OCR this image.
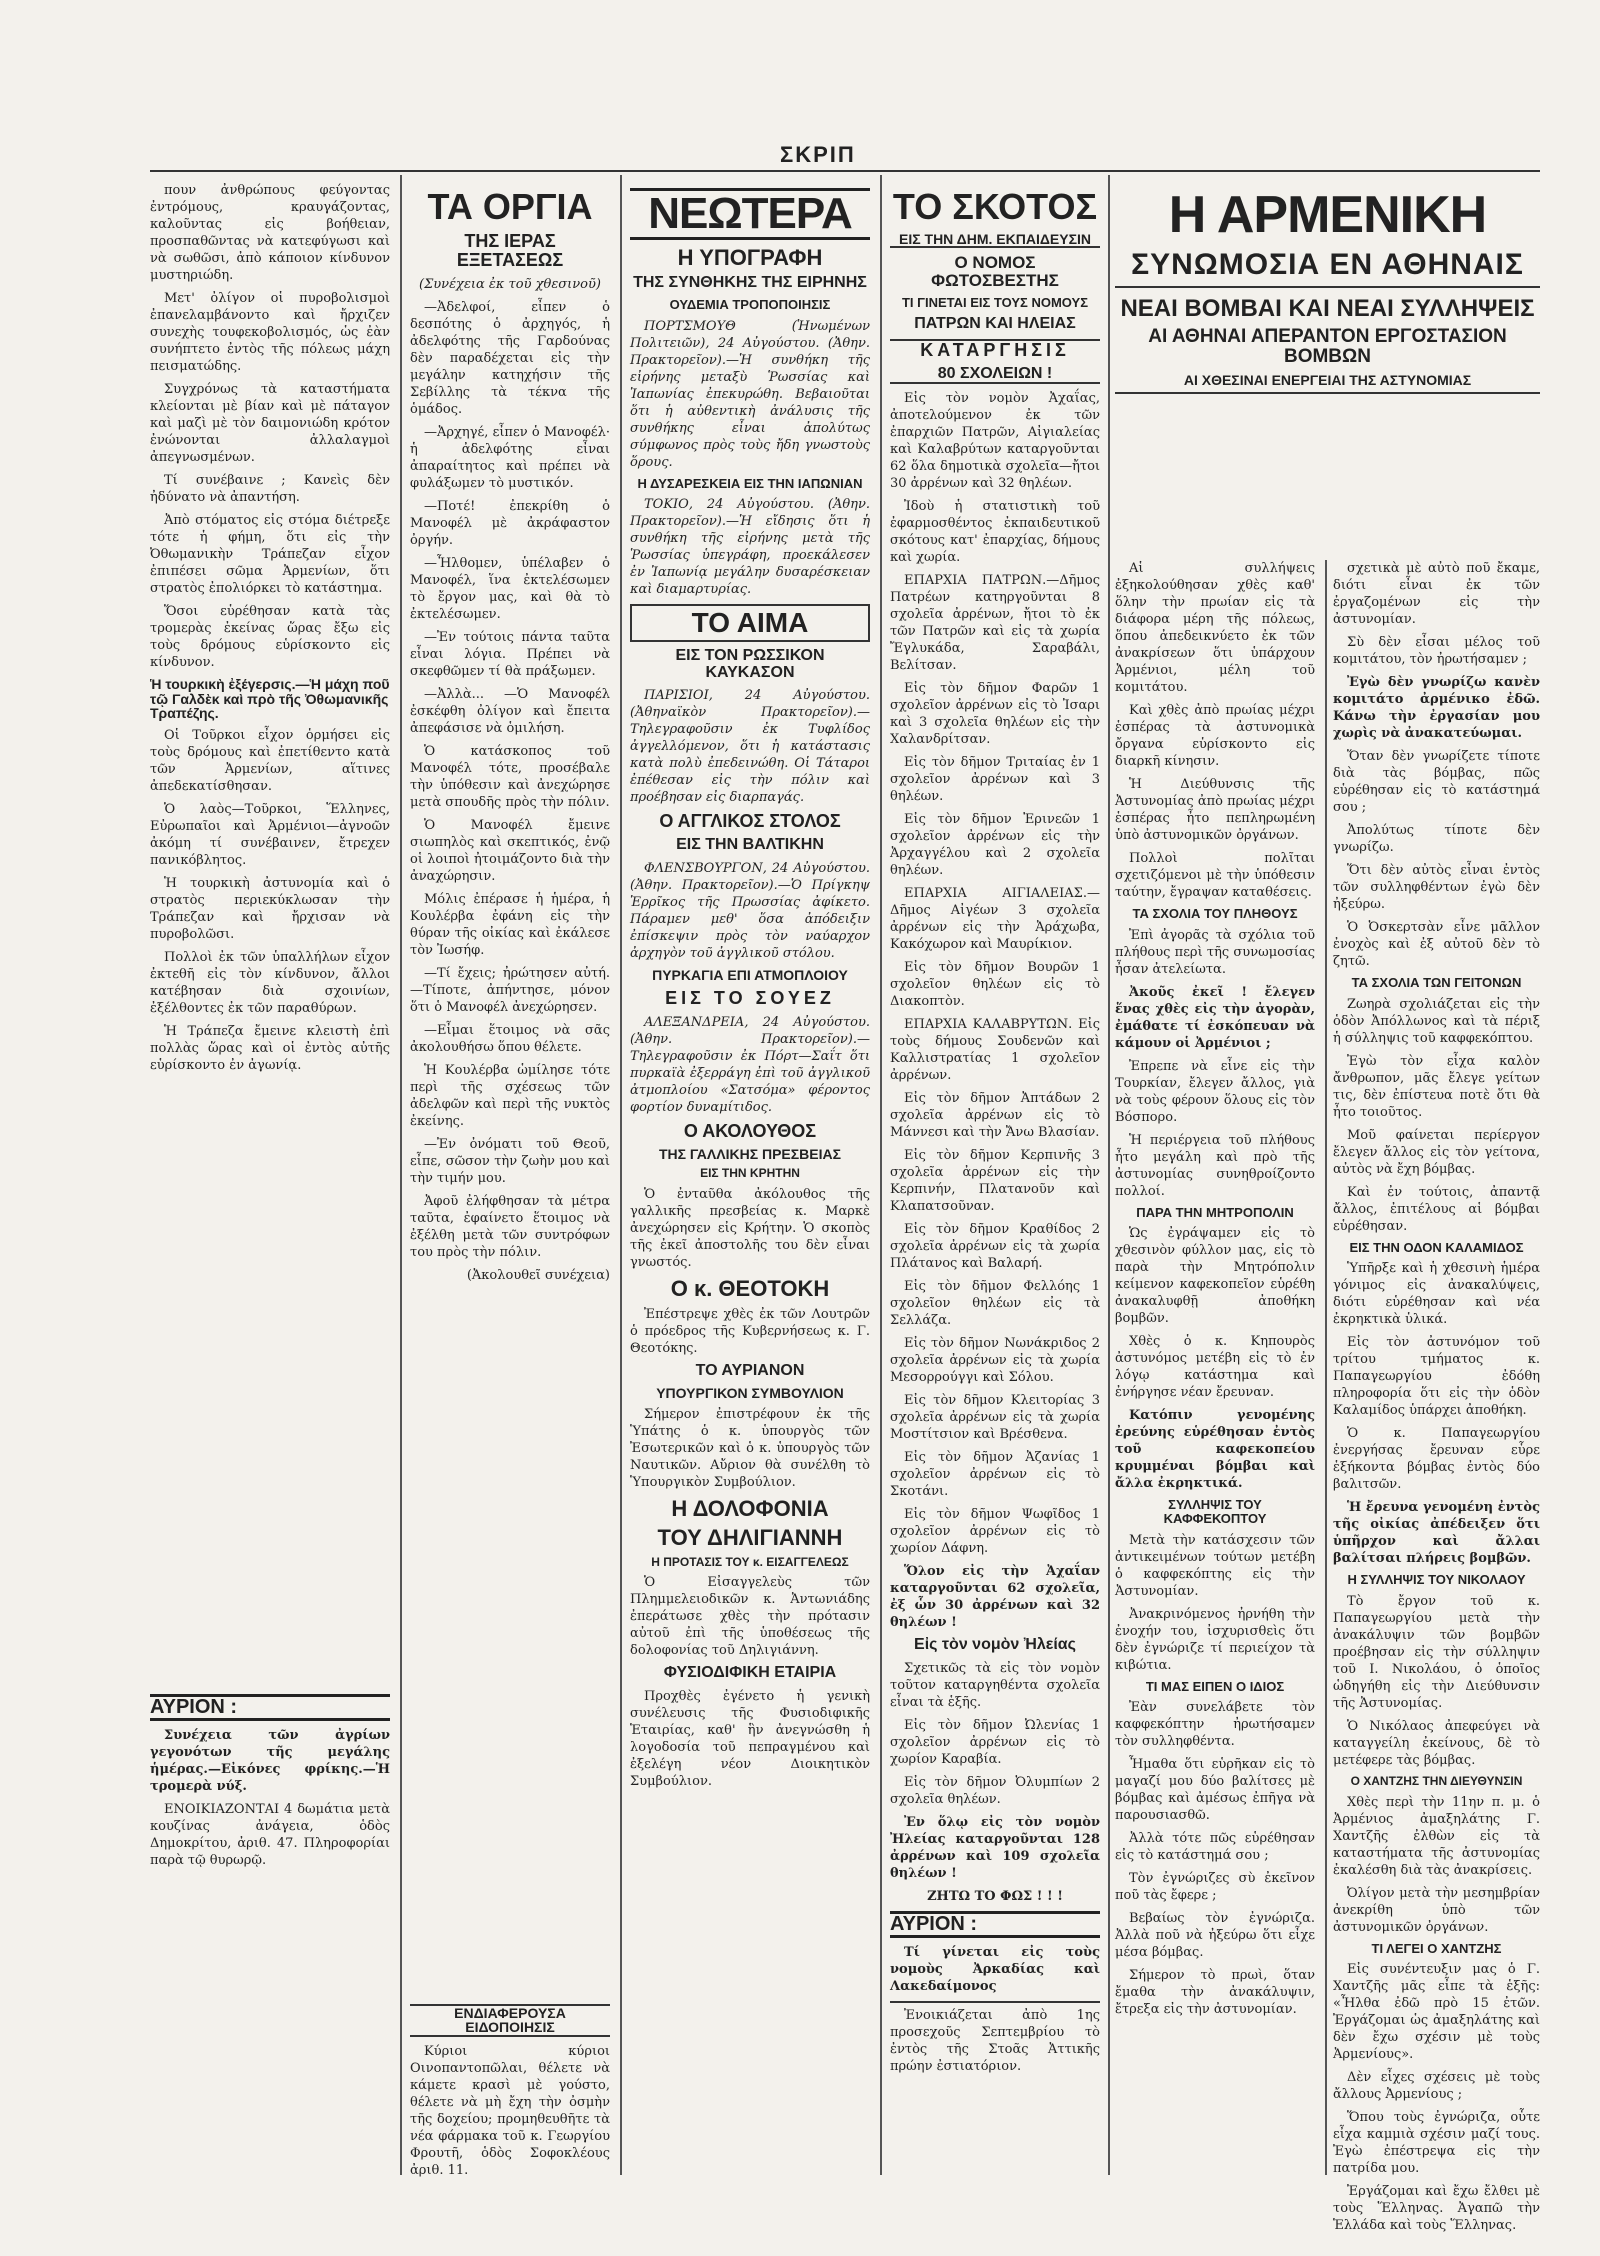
ΣΚΡΙΠ

πουν ἀνθρώπους φεύγοντας ἐντρόμους, κραυγάζοντας, καλοῦντας εἰς βοήθειαν, προσπαθῶντας νὰ κατεφύγωσι καὶ νὰ σωθῶσι, ἀπὸ κάποιον κίνδυνον μυστηριώδη.

Μετ' ὀλίγον οἱ πυροβολισμοὶ ἐπανελαμβάνοντο καὶ ἤρχιζεν συνεχὴς τουφεκοβολισμός, ὡς ἐὰν συνήπτετο ἐντὸς τῆς πόλεως μάχη πεισματώδης.

Συγχρόνως τὰ καταστήματα κλείονται μὲ βίαν καὶ μὲ πάταγον καὶ μαζὶ μὲ τὸν δαιμονιώδη κρότον ἐνώνονται ἀλλαλαγμοὶ ἀπεγνωσμένων.

Τί συνέβαινε ; Κανεὶς δὲν ἠδύνατο νὰ ἀπαντήση.

Ἀπὸ στόματος εἰς στόμα διέτρεξε τότε ἡ φήμη, ὅτι εἰς τὴν Ὀθωμανικὴν Τράπεζαν εἶχον ἐπιπέσει σῶμα Ἀρμενίων, ὅτι στρατὸς ἐπολιόρκει τὸ κατάστημα.

Ὅσοι εὑρέθησαν κατὰ τὰς τρομερὰς ἐκείνας ὥρας ἔξω εἰς τοὺς δρόμους εὑρίσκοντο εἰς κίνδυνον.

Ἡ τουρκικὴ ἐξέγερσις.—Ἡ μάχη ποῦ τῷ Γαλδὲκ καὶ πρὸ τῆς Ὀθωμανικῆς Τραπέζης.

Οἱ Τοῦρκοι εἶχον ὁρμήσει εἰς τοὺς δρόμους καὶ ἐπετίθεντο κατὰ τῶν Ἀρμενίων, αἵτινες ἀπεδεκατίσθησαν.

Ὁ λαὸς—Τοῦρκοι, Ἕλληνες, Εὐρωπαῖοι καὶ Ἀρμένιοι—ἀγνοῶν ἀκόμη τί συνέβαινεν, ἔτρεχεν πανικόβλητος.

Ἡ τουρκικὴ ἀστυνομία καὶ ὁ στρατὸς περιεκύκλωσαν τὴν Τράπεζαν καὶ ἤρχισαν νὰ πυροβολῶσι.

Πολλοὶ ἐκ τῶν ὑπαλλήλων εἶχον ἐκτεθῆ εἰς τὸν κίνδυνον, ἄλλοι κατέβησαν διὰ σχοινίων, ἐξέλθοντες ἐκ τῶν παραθύρων.

Ἡ Τράπεζα ἔμεινε κλειστὴ ἐπὶ πολλὰς ὥρας καὶ οἱ ἐντὸς αὐτῆς εὑρίσκοντο ἐν ἀγωνίᾳ.

ΑΥΡΙΟΝ :

Συνέχεια τῶν ἀγρίων γεγονότων τῆς μεγάλης ἡμέρας.—Εἰκόνες φρίκης.—Ἡ τρομερὰ νύξ.

ΕΝΟΙΚΙΑΖΟΝΤΑΙ 4 δωμάτια μετὰ κουζίνας ἀνάγεια, ὁδὸς Δημοκρίτου, ἀριθ. 47. Πληροφορίαι παρὰ τῷ θυρωρῷ.

ΤΑ ΟΡΓΙΑ
ΤΗΣ ΙΕΡΑΣ ΕΞΕΤΑΣΕΩΣ

(Συνέχεια ἐκ τοῦ χθεσινοῦ)

—Ἀδελφοί, εἶπεν ὁ δεσπότης ὁ ἀρχηγός, ἡ ἀδελφότης τῆς Γαρδούνας δὲν παραδέχεται εἰς τὴν μεγάλην κατηχήσιν τῆς Σεβίλλης τὰ τέκνα τῆς ὁμάδος.

—Ἀρχηγέ, εἶπεν ὁ Μανοφέλ· ἡ ἀδελφότης εἶναι ἀπαραίτητος καὶ πρέπει νὰ φυλάξωμεν τὸ μυστικόν.

—Ποτέ! ἐπεκρίθη ὁ Μανοφέλ μὲ ἀκράφαστον ὀργήν.

—Ἦλθομεν, ὑπέλαβεν ὁ Μανοφέλ, ἵνα ἐκτελέσωμεν τὸ ἔργον μας, καὶ θὰ τὸ ἐκτελέσωμεν.

—Ἐν τούτοις πάντα ταῦτα εἶναι λόγια. Πρέπει νὰ σκεφθῶμεν τί θὰ πράξωμεν.

—Ἀλλὰ... —Ὁ Μανοφέλ ἐσκέφθη ὀλίγον καὶ ἔπειτα ἀπεφάσισε νὰ ὁμιλήση.

Ὁ κατάσκοπος τοῦ Μανοφέλ τότε, προσέβαλε τὴν ὑπόθεσιν καὶ ἀνεχώρησε μετὰ σπουδῆς πρὸς τὴν πόλιν.

Ὁ Μανοφέλ ἔμεινε σιωπηλὸς καὶ σκεπτικός, ἐνῷ οἱ λοιποὶ ἠτοιμάζοντο διὰ τὴν ἀναχώρησιν.

Μόλις ἐπέρασε ἡ ἡμέρα, ἡ Κουλέρβα ἐφάνη εἰς τὴν θύραν τῆς οἰκίας καὶ ἐκάλεσε τὸν Ἰωσήφ.

—Τί ἔχεις; ἠρώτησεν αὐτή. —Τίποτε, ἀπήντησε, μόνον ὅτι ὁ Μανοφέλ ἀνεχώρησεν.

—Εἶμαι ἕτοιμος νὰ σᾶς ἀκολουθήσω ὅπου θέλετε.

Ἡ Κουλέρβα ὡμίλησε τότε περὶ τῆς σχέσεως τῶν ἀδελφῶν καὶ περὶ τῆς νυκτὸς ἐκείνης.

—Ἐν ὀνόματι τοῦ Θεοῦ, εἶπε, σῶσον τὴν ζωὴν μου καὶ τὴν τιμήν μου.

Ἀφοῦ ἐλήφθησαν τὰ μέτρα ταῦτα, ἐφαίνετο ἕτοιμος νὰ ἐξέλθη μετὰ τῶν συντρόφων του πρὸς τὴν πόλιν.

(Ἀκολουθεῖ συνέχεια)

ΕΝΔΙΑΦΕΡΟΥΣΑ ΕΙΔΟΠΟΙΗΣΙΣ

Κύριοι κύριοι Οινοπαντοπῶλαι, θέλετε νὰ κάμετε κρασὶ μὲ γούστο, θέλετε νὰ μὴ ἔχη τὴν ὀσμὴν τῆς δοχείου; προμηθευθῆτε τὰ νέα φάρμακα τοῦ κ. Γεωργίου Φρουτῆ, ὁδὸς Σοφοκλέους ἀριθ. 11.

ΝΕΩΤΕΡΑ
Η ΥΠΟΓΡΑΦΗ
ΤΗΣ ΣΥΝΘΗΚΗΣ ΤΗΣ ΕΙΡΗΝΗΣ
ΟΥΔΕΜΙΑ ΤΡΟΠΟΠΟΙΗΣΙΣ

ΠΟΡΤΣΜΟΥΘ (Ἡνωμένων Πολιτειῶν), 24 Αὐγούστου. (Ἀθην. Πρακτορεῖον).—Ἡ συνθήκη τῆς εἰρήνης μεταξὺ Ῥωσσίας καὶ Ἰαπωνίας ἐπεκυρώθη. Βεβαιοῦται ὅτι ἡ αὐθεντικὴ ἀνάλυσις τῆς συνθήκης εἶναι ἀπολύτως σύμφωνος πρὸς τοὺς ἤδη γνωστοὺς ὅρους.

Η ΔΥΣΑΡΕΣΚΕΙΑ ΕΙΣ ΤΗΝ ΙΑΠΩΝΙΑΝ

ΤΟΚΙΟ, 24 Αὐγούστου. (Ἀθην. Πρακτορεῖον).—Ἡ εἴδησις ὅτι ἡ συνθήκη τῆς εἰρήνης μετὰ τῆς Ῥωσσίας ὑπεγράφη, προεκάλεσεν ἐν Ἰαπωνίᾳ μεγάλην δυσαρέσκειαν καὶ διαμαρτυρίας.

ΤΟ ΑΙΜΑ
ΕΙΣ ΤΟΝ ΡΩΣΣΙΚΟΝ ΚΑΥΚΑΣΟΝ

ΠΑΡΙΣΙΟΙ, 24 Αὐγούστου. (Ἀθηναϊκὸν Πρακτορεῖον).—Τηλεγραφοῦσιν ἐκ Τυφλίδος ἀγγελλόμενον, ὅτι ἡ κατάστασις κατὰ πολὺ ἐπεδεινώθη. Οἱ Τάταροι ἐπέθεσαν εἰς τὴν πόλιν καὶ προέβησαν εἰς διαρπαγάς.

Ο ΑΓΓΛΙΚΟΣ ΣΤΟΛΟΣ
ΕΙΣ ΤΗΝ ΒΑΛΤΙΚΗΝ

ΦΛΕΝΣΒΟΥΡΓΟΝ, 24 Αὐγούστου. (Ἀθην. Πρακτορεῖον).—Ὁ Πρίγκηψ Ἐρρῖκος τῆς Πρωσσίας ἀφίκετο. Πάραμεν μεθ' ὅσα ἀπόδειξιν ἐπίσκεψιν πρὸς τὸν ναύαρχον ἀρχηγὸν τοῦ ἀγγλικοῦ στόλου.

ΠΥΡΚΑΓΙΑ ΕΠΙ ΑΤΜΟΠΛΟΙΟΥ
ΕΙΣ ΤΟ ΣΟΥΕΖ

ΑΛΕΞΑΝΔΡΕΙΑ, 24 Αὐγούστου. (Ἀθην. Πρακτορεῖον).—Τηλεγραφοῦσιν ἐκ Πόρτ—Σαΐτ ὅτι πυρκαϊὰ ἐξερράγη ἐπὶ τοῦ ἀγγλικοῦ ἀτμοπλοίου «Σατσόμα» φέροντος φορτίον δυναμίτιδος.

Ο ΑΚΟΛΟΥΘΟΣ
ΤΗΣ ΓΑΛΛΙΚΗΣ ΠΡΕΣΒΕΙΑΣ
ΕΙΣ ΤΗΝ ΚΡΗΤΗΝ

Ὁ ἐνταῦθα ἀκόλουθος τῆς γαλλικῆς πρεσβείας κ. Μαρκὲ ἀνεχώρησεν εἰς Κρήτην. Ὁ σκοπὸς τῆς ἐκεῖ ἀποστολῆς του δὲν εἶναι γνωστός.

Ο κ. ΘΕΟΤΟΚΗ

Ἐπέστρεψε χθὲς ἐκ τῶν Λουτρῶν ὁ πρόεδρος τῆς Κυβερνήσεως κ. Γ. Θεοτόκης.

ΤΟ ΑΥΡΙΑΝΟΝ
ΥΠΟΥΡΓΙΚΟΝ ΣΥΜΒΟΥΛΙΟΝ

Σήμερον ἐπιστρέφουν ἐκ τῆς Ὑπάτης ὁ κ. ὑπουργὸς τῶν Ἐσωτερικῶν καὶ ὁ κ. ὑπουργὸς τῶν Ναυτικῶν. Αὔριον θὰ συνέλθη τὸ Ὑπουργικὸν Συμβούλιον.

Η ΔΟΛΟΦΟΝΙΑ
ΤΟΥ ΔΗΛΙΓΙΑΝΝΗ
Η ΠΡΟΤΑΣΙΣ ΤΟΥ κ. ΕΙΣΑΓΓΕΛΕΩΣ

Ὁ Εἰσαγγελεὺς τῶν Πλημμελειοδικῶν κ. Ἀντωνιάδης ἐπεράτωσε χθὲς τὴν πρότασιν αὐτοῦ ἐπὶ τῆς ὑποθέσεως τῆς δολοφονίας τοῦ Δηλιγιάννη.

ΦΥΣΙΟΔΙΦΙΚΗ ΕΤΑΙΡΙΑ

Προχθὲς ἐγένετο ἡ γενικὴ συνέλευσις τῆς Φυσιοδιφικῆς Ἑταιρίας, καθ' ἣν ἀνεγνώσθη ἡ λογοδοσία τοῦ πεπραγμένου καὶ ἐξελέγη νέον Διοικητικὸν Συμβούλιον.

ΤΟ ΣΚΟΤΟΣ
ΕΙΣ ΤΗΝ ΔΗΜ. ΕΚΠΑΙΔΕΥΣΙΝ
Ο ΝΟΜΟΣ ΦΩΤΟΣΒΕΣΤΗΣ
ΤΙ ΓΙΝΕΤΑΙ ΕΙΣ ΤΟΥΣ ΝΟΜΟΥΣ
ΠΑΤΡΩΝ ΚΑΙ ΗΛΕΙΑΣ
ΚΑΤΑΡΓΗΣΙΣ
80 ΣΧΟΛΕΙΩΝ !

Εἰς τὸν νομὸν Ἀχαΐας, ἀποτελούμενον ἐκ τῶν ἐπαρχιῶν Πατρῶν, Αἰγιαλείας καὶ Καλαβρύτων καταργοῦνται 62 ὅλα δημοτικὰ σχολεῖα—ἤτοι 30 ἀρρένων καὶ 32 θηλέων.

Ἰδοὺ ἡ στατιστικὴ τοῦ ἐφαρμοσθέντος ἐκπαιδευτικοῦ σκότους κατ' ἐπαρχίας, δήμους καὶ χωρία.

ΕΠΑΡΧΙΑ ΠΑΤΡΩΝ.—Δῆμος Πατρέων κατηργοῦνται 8 σχολεῖα ἀρρένων, ἤτοι τὸ ἐκ τῶν Πατρῶν καὶ εἰς τὰ χωρία Ἔγλυκάδα, Σαραβάλι, Βελίτσαν.

Εἰς τὸν δῆμον Φαρῶν 1 σχολεῖον ἀρρένων εἰς τὸ Ἰσαρι καὶ 3 σχολεῖα θηλέων εἰς τὴν Χαλανδρίτσαν.

Εἰς τὸν δῆμον Τριταίας ἐν 1 σχολεῖον ἀρρένων καὶ 3 θηλέων.

Εἰς τὸν δῆμον Ἐρινεῶν 1 σχολεῖον ἀρρένων εἰς τὴν Ἀρχαγγέλου καὶ 2 σχολεῖα θηλέων.

ΕΠΑΡΧΙΑ ΑΙΓΙΑΛΕΙΑΣ.—Δῆμος Αἰγέων 3 σχολεῖα ἀρρένων εἰς τὴν Ἀράχωβα, Κακόχωρον καὶ Μαυρίκιον.

Εἰς τὸν δῆμον Βουρῶν 1 σχολεῖον θηλέων εἰς τὸ Διακοπτὸν.

ΕΠΑΡΧΙΑ ΚΑΛΑΒΡΥΤΩΝ. Εἰς τοὺς δήμους Σουδενῶν καὶ Καλλιστρατίας 1 σχολεῖον ἀρρένων.

Εἰς τὸν δῆμον Ἀπτάδων 2 σχολεῖα ἀρρένων εἰς τὸ Μάννεσι καὶ τὴν Ἄνω Βλασίαν.

Εἰς τὸν δῆμον Κερπινῆς 3 σχολεῖα ἀρρένων εἰς τὴν Κερπινήν, Πλατανοῦν καὶ Κλαπατσοῦναν.

Εἰς τὸν δῆμον Κραθίδος 2 σχολεῖα ἀρρένων εἰς τὰ χωρία Πλάτανος καὶ Βαλαρή.

Εἰς τὸν δῆμον Φελλόης 1 σχολεῖον θηλέων εἰς τὰ Σελλάζα.

Εἰς τὸν δῆμον Νωνάκριδος 2 σχολεῖα ἀρρένων εἰς τὰ χωρία Μεσορρούγγι καὶ Σόλου.

Εἰς τὸν δῆμον Κλειτορίας 3 σχολεῖα ἀρρένων εἰς τὰ χωρία Μοστίτσιον καὶ Βρέσθενα.

Εἰς τὸν δῆμον Ἀζανίας 1 σχολεῖον ἀρρένων εἰς τὸ Σκοτάνι.

Εἰς τὸν δῆμον Ψωφῖδος 1 σχολεῖον ἀρρένων εἰς τὸ χωρίον Δάφνη.

Ὅλον εἰς τὴν Ἀχαΐαν καταργοῦνται 62 σχολεῖα, ἐξ ὧν 30 ἀρρένων καὶ 32 θηλέων !

Εἰς τὸν νομὸν Ἠλείας

Σχετικῶς τὰ εἰς τὸν νομὸν τοῦτον καταργηθέντα σχολεῖα εἶναι τὰ ἑξῆς.

Εἰς τὸν δῆμον Ὠλενίας 1 σχολεῖον ἀρρένων εἰς τὸ χωρίον Καραβία.

Εἰς τὸν δῆμον Ὀλυμπίων 2 σχολεῖα θηλέων.

Ἐν ὅλῳ εἰς τὸν νομὸν Ἠλείας καταργοῦνται 128 ἀρρένων καὶ 109 σχολεῖα θηλέων !

ΖΗΤΩ ΤΟ ΦΩΣ ! ! !

ΑΥΡΙΟΝ :

Τί γίνεται εἰς τοὺς νομοὺς Ἀρκαδίας καὶ Λακεδαίμονος

Ἐνοικιάζεται ἀπὸ 1ης προσεχοῦς Σεπτεμβρίου τὸ ἐντὸς τῆς Στοᾶς Ἀττικῆς πρώην ἐστιατόριον.

Η ΑΡΜΕΝΙΚΗ
ΣΥΝΩΜΟΣΙΑ ΕΝ ΑΘΗΝΑΙΣ
ΝΕΑΙ ΒΟΜΒΑΙ ΚΑΙ ΝΕΑΙ ΣΥΛΛΗΨΕΙΣ
ΑΙ ΑΘΗΝΑΙ ΑΠΕΡΑΝΤΟΝ ΕΡΓΟΣΤΑΣΙΟΝ ΒΟΜΒΩΝ
ΑΙ ΧΘΕΣΙΝΑΙ ΕΝΕΡΓΕΙΑΙ ΤΗΣ ΑΣΤΥΝΟΜΙΑΣ

Αἱ συλλήψεις ἐξηκολούθησαν χθὲς καθ' ὅλην τὴν πρωίαν εἰς τὰ διάφορα μέρη τῆς πόλεως, ὅπου ἀπεδεικνύετο ἐκ τῶν ἀνακρίσεων ὅτι ὑπάρχουν Ἀρμένιοι, μέλη τοῦ κομιτάτου.

Καὶ χθὲς ἀπὸ πρωίας μέχρι ἑσπέρας τὰ ἀστυνομικὰ ὄργανα εὑρίσκοντο εἰς διαρκῆ κίνησιν.

Ἡ Διεύθυνσις τῆς Ἀστυνομίας ἀπὸ πρωίας μέχρι ἑσπέρας ἦτο πεπληρωμένη ὑπὸ ἀστυνομικῶν ὀργάνων.

Πολλοὶ πολῖται σχετιζόμενοι μὲ τὴν ὑπόθεσιν ταύτην, ἔγραψαν καταθέσεις.

ΤΑ ΣΧΟΛΙΑ ΤΟΥ ΠΛΗΘΟΥΣ

Ἐπὶ ἀγορᾶς τὰ σχόλια τοῦ πλήθους περὶ τῆς συνωμοσίας ἦσαν ἀτελείωτα.

Ἀκοῦς ἐκεῖ ! ἔλεγεν ἕνας χθὲς εἰς τὴν ἀγορὰν, ἐμάθατε τί ἐσκόπευαν νὰ κάμουν οἱ Ἀρμένιοι ;

Ἐπρεπε νὰ εἶνε εἰς τὴν Τουρκίαν, ἔλεγεν ἄλλος, γιὰ νὰ τοὺς φέρουν ὅλους εἰς τὸν Βόσπορο.

Ἡ περιέργεια τοῦ πλήθους ἦτο μεγάλη καὶ πρὸ τῆς ἀστυνομίας συνηθροίζοντο πολλοί.

ΠΑΡΑ ΤΗΝ ΜΗΤΡΟΠΟΛΙΝ

Ὡς ἐγράψαμεν εἰς τὸ χθεσινὸν φύλλον μας, εἰς τὸ παρὰ τὴν Μητρόπολιν κείμενον καφεκοπεῖον εὑρέθη ἀνακαλυφθῇ ἀποθήκη βομβῶν.

Χθὲς ὁ κ. Κηπουρὸς ἀστυνόμος μετέβη εἰς τὸ ἐν λόγῳ κατάστημα καὶ ἐνήργησε νέαν ἔρευναν.

Κατόπιν γενομένης ἐρεύνης εὑρέθησαν ἐντὸς τοῦ καφεκοπείου κρυμμέναι βόμβαι καὶ ἄλλα ἐκρηκτικά.

ΣΥΛΛΗΨΙΣ ΤΟΥ ΚΑΦΦΕΚΟΠΤΟΥ

Μετὰ τὴν κατάσχεσιν τῶν ἀντικειμένων τούτων μετέβη ὁ καφφεκόπτης εἰς τὴν Ἀστυνομίαν.

Ἀνακρινόμενος ἠρνήθη τὴν ἐνοχήν του, ἰσχυρισθεὶς ὅτι δὲν ἐγνώριζε τί περιείχον τὰ κιβώτια.

ΤΙ ΜΑΣ ΕΙΠΕΝ Ο ΙΔΙΟΣ

Ἐὰν συνελάβετε τὸν καφφεκόπτην ἠρωτήσαμεν τὸν συλληφθέντα.

Ἦμαθα ὅτι εὑρῆκαν εἰς τὸ μαγαζί μου δύο βαλίτσες μὲ βόμβας καὶ ἀμέσως ἐπῆγα νὰ παρουσιασθῶ.

Ἀλλὰ τότε πῶς εὑρέθησαν εἰς τὸ κατάστημά σου ;

Τὸν ἐγνώριζες σὺ ἐκεῖνον ποῦ τὰς ἔφερε ;

Βεβαίως τὸν ἐγνώριζα. Ἀλλὰ ποῦ νὰ ἠξεύρω ὅτι εἶχε μέσα βόμβας.

Σήμερον τὸ πρωὶ, ὅταν ἔμαθα τὴν ἀνακάλυψιν, ἔτρεξα εἰς τὴν ἀστυνομίαν.

σχετικὰ μὲ αὐτὸ ποῦ ἔκαμε, διότι εἶναι ἐκ τῶν ἐργαζομένων εἰς τὴν ἀστυνομίαν.

Σὺ δὲν εἶσαι μέλος τοῦ κομιτάτου, τὸν ἠρωτήσαμεν ;

Ἐγὼ δὲν γνωρίζω κανὲν κομιτάτο ἀρμένικο ἐδῶ. Κάνω τὴν ἐργασίαν μου χωρὶς νὰ ἀνακατεύωμαι.

Ὅταν δὲν γνωρίζετε τίποτε διὰ τὰς βόμβας, πῶς εὑρέθησαν εἰς τὸ κατάστημά σου ;

Ἀπολύτως τίποτε δὲν γνωρίζω.

Ὅτι δὲν αὐτὸς εἶναι ἐντὸς τῶν συλληφθέντων ἐγὼ δὲν ἠξεύρω.

Ὁ Ὀσκερτσὰν εἶνε μᾶλλον ἐνοχὸς καὶ ἐξ αὐτοῦ δὲν τὸ ζητῶ.

ΤΑ ΣΧΟΛΙΑ ΤΩΝ ΓΕΙΤΟΝΩΝ

Ζωηρὰ σχολιάζεται εἰς τὴν ὁδὸν Ἀπόλλωνος καὶ τὰ πέριξ ἡ σύλληψις τοῦ καφφεκόπτου.

Ἐγὼ τὸν εἶχα καλὸν ἄνθρωπον, μᾶς ἔλεγε γείτων τις, δὲν ἐπίστευα ποτὲ ὅτι θὰ ἦτο τοιοῦτος.

Μοῦ φαίνεται περίεργον ἔλεγεν ἄλλος εἰς τὸν γείτονα, αὐτὸς νὰ ἔχη βόμβας.

Καὶ ἐν τούτοις, ἀπαντᾷ ἄλλος, ἐπιτέλους αἱ βόμβαι εὑρέθησαν.

ΕΙΣ ΤΗΝ ΟΔΟΝ ΚΑΛΑΜΙΔΟΣ

Ὑπῆρξε καὶ ἡ χθεσινὴ ἡμέρα γόνιμος εἰς ἀνακαλύψεις, διότι εὑρέθησαν καὶ νέα ἐκρηκτικὰ ὑλικά.

Εἰς τὸν ἀστυνόμον τοῦ τρίτου τμήματος κ. Παπαγεωργίου ἐδόθη πληροφορία ὅτι εἰς τὴν ὁδὸν Καλαμίδος ὑπάρχει ἀποθήκη.

Ὁ κ. Παπαγεωργίου ἐνεργήσας ἔρευναν εὗρε ἑξήκοντα βόμβας ἐντὸς δύο βαλιτσῶν.

Ἡ ἔρευνα γενομένη ἐντὸς τῆς οἰκίας ἀπέδειξεν ὅτι ὑπῆρχον καὶ ἄλλαι βαλίτσαι πλήρεις βομβῶν.

Η ΣΥΛΛΗΨΙΣ ΤΟΥ ΝΙΚΟΛΑΟΥ

Τὸ ἔργον τοῦ κ. Παπαγεωργίου μετὰ τὴν ἀνακάλυψιν τῶν βομβῶν προέβησαν εἰς τὴν σύλληψιν τοῦ Ι. Νικολάου, ὁ ὁποῖος ὡδηγήθη εἰς τὴν Διεύθυνσιν τῆς Ἀστυνομίας.

Ὁ Νικόλαος ἀπεφεύγει νὰ καταγγείλη ἐκείνους, δὲ τὸ μετέφερε τὰς βόμβας.

Ο ΧΑΝΤΖΗΣ ΤΗΝ ΔΙΕΥΘΥΝΣΙΝ

Χθὲς περὶ τὴν 11ην π. μ. ὁ Ἀρμένιος ἀμαξηλάτης Γ. Χαντζῆς ἐλθὼν εἰς τὰ καταστήματα τῆς ἀστυνομίας ἐκαλέσθη διὰ τὰς ἀνακρίσεις.

Ὀλίγον μετὰ τὴν μεσημβρίαν ἀνεκρίθη ὑπὸ τῶν ἀστυνομικῶν ὀργάνων.

ΤΙ ΛΕΓΕΙ Ο ΧΑΝΤΖΗΣ

Εἰς συνέντευξιν μας ὁ Γ. Χαντζῆς μᾶς εἶπε τὰ ἑξῆς: «Ἦλθα ἐδῶ πρὸ 15 ἐτῶν. Ἐργάζομαι ὡς ἀμαξηλάτης καὶ δὲν ἔχω σχέσιν μὲ τοὺς Ἀρμενίους».

Δὲν εἶχες σχέσεις μὲ τοὺς ἄλλους Ἀρμενίους ;

Ὅπου τοὺς ἐγνώριζα, οὗτε εἶχα καμμιὰ σχέσιν μαζί τους. Ἐγὼ ἐπέστρεψα εἰς τὴν πατρίδα μου.

Ἐργάζομαι καὶ ἔχω ἔλθει μὲ τοὺς Ἕλληνας. Ἀγαπῶ τὴν Ἑλλάδα καὶ τοὺς Ἕλληνας.
